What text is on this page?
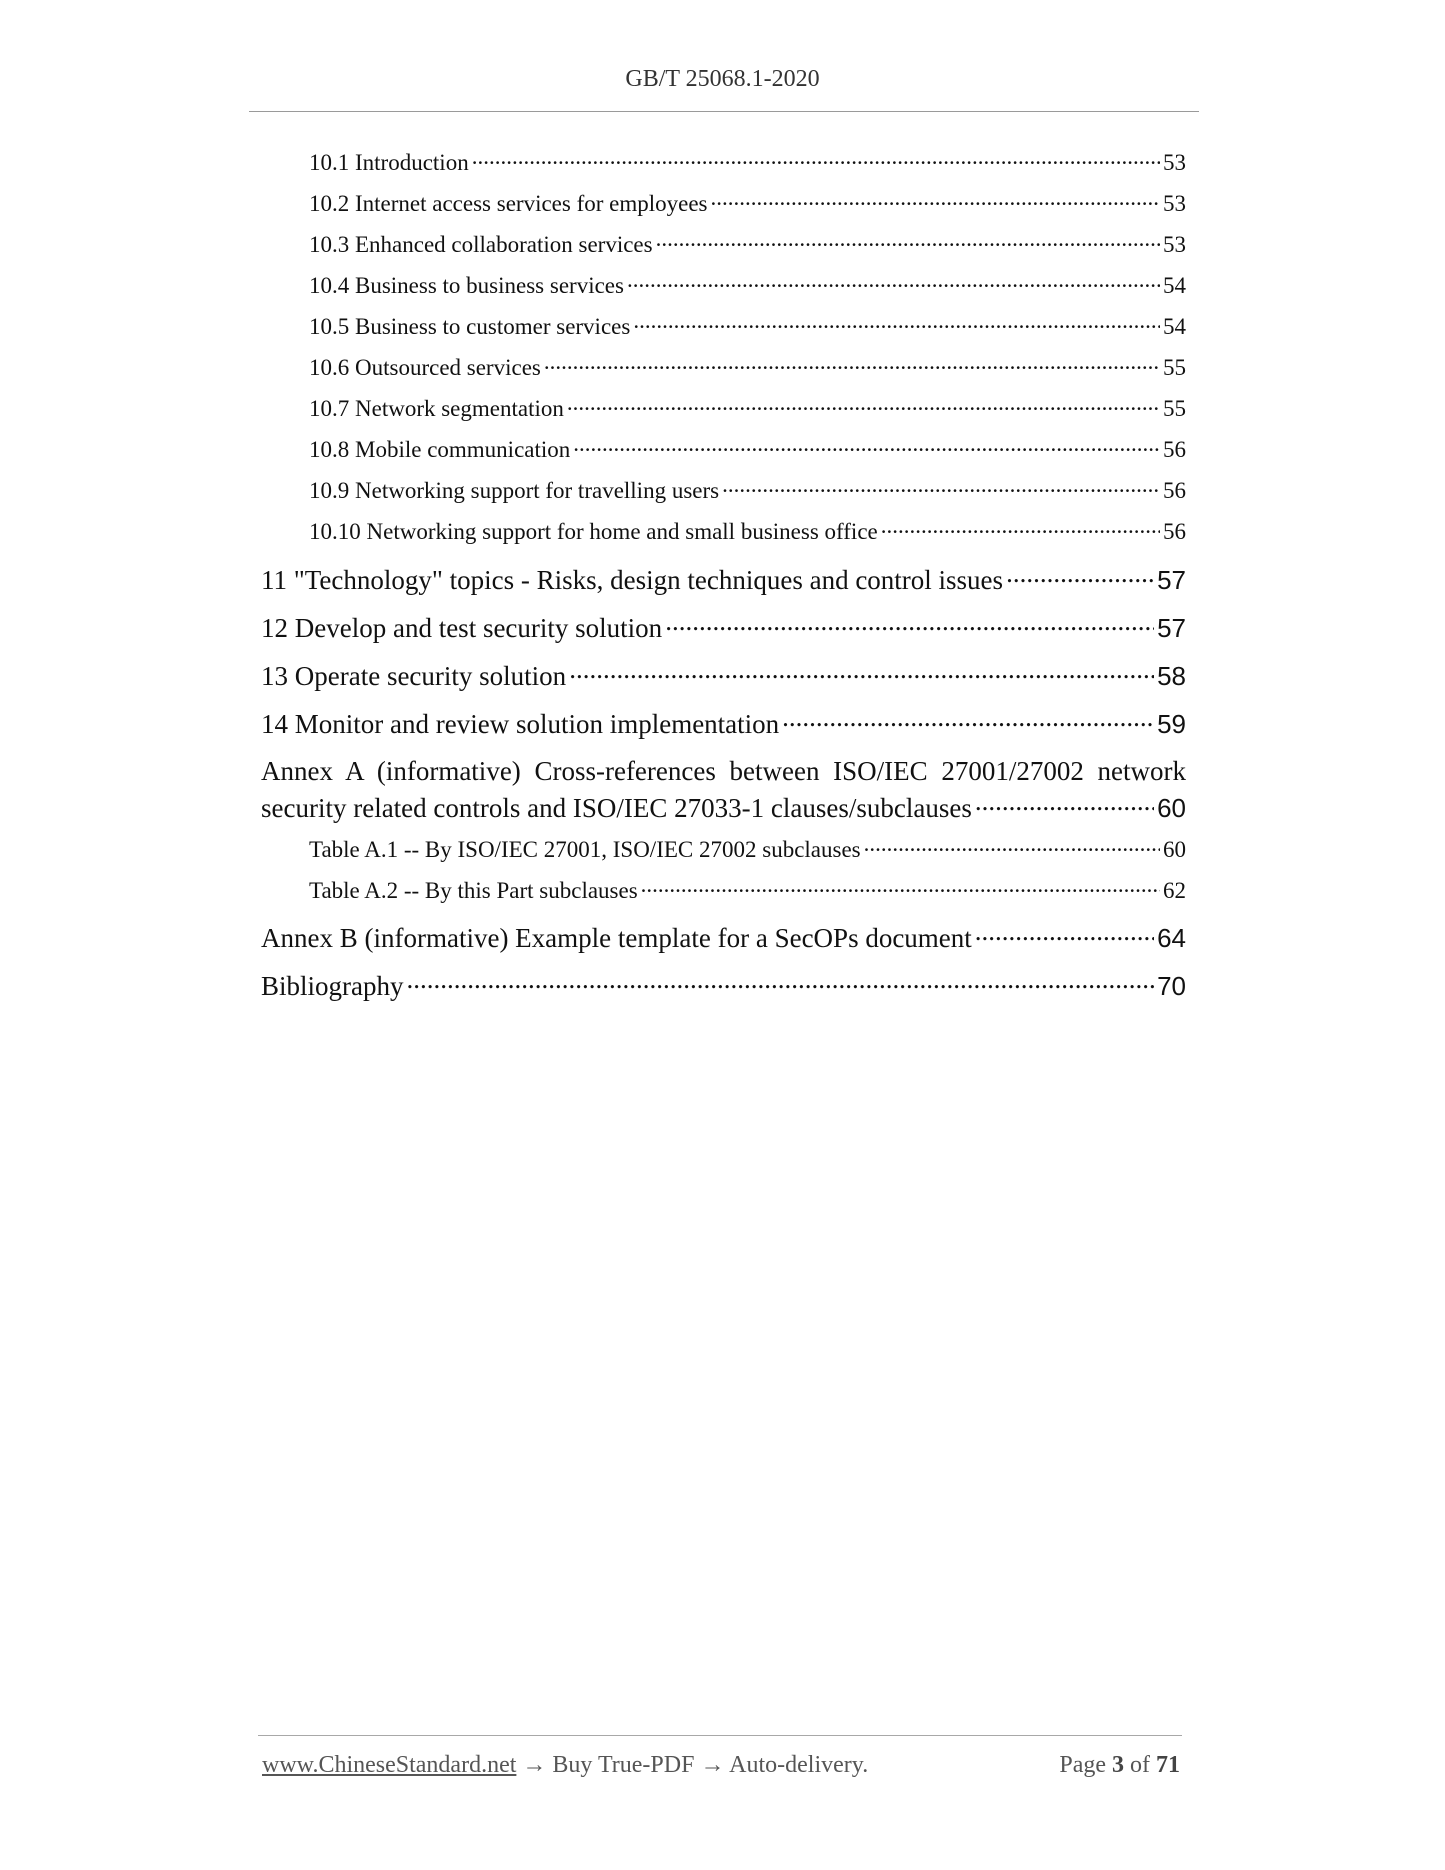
GB/T 25068.1-2020
10.1 Introduction .....	53
10.2 Internet access services for employees .....	53
10.3 Enhanced collaboration services .....	53
10.4 Business to business services .....	54
10.5 Business to customer services .....	54
10.6 Outsourced services .....	55
10.7 Network segmentation .....	55
10.8 Mobile communication .....	56
10.9 Networking support for travelling users .....	56
10.10 Networking support for home and small business office .....	56
11 "Technology" topics - Risks, design techniques and control issues .....	57
12 Develop and test security solution .....	57
13 Operate security solution .....	58
14 Monitor and review solution implementation .....	59
Annex A (informative) Cross-references between ISO/IEC 27001/27002 network
security related controls and ISO/IEC 27033-1 clauses/subclauses .....	60
Table A.1 -- By ISO/IEC 27001, ISO/IEC 27002 subclauses .....	60
Table A.2 -- By this Part subclauses .....	62
Annex B (informative) Example template for a SecOPs document .....	64
Bibliography .....	70
www.ChineseStandard.net → Buy True-PDF → Auto-delivery.	Page 3 of 71
